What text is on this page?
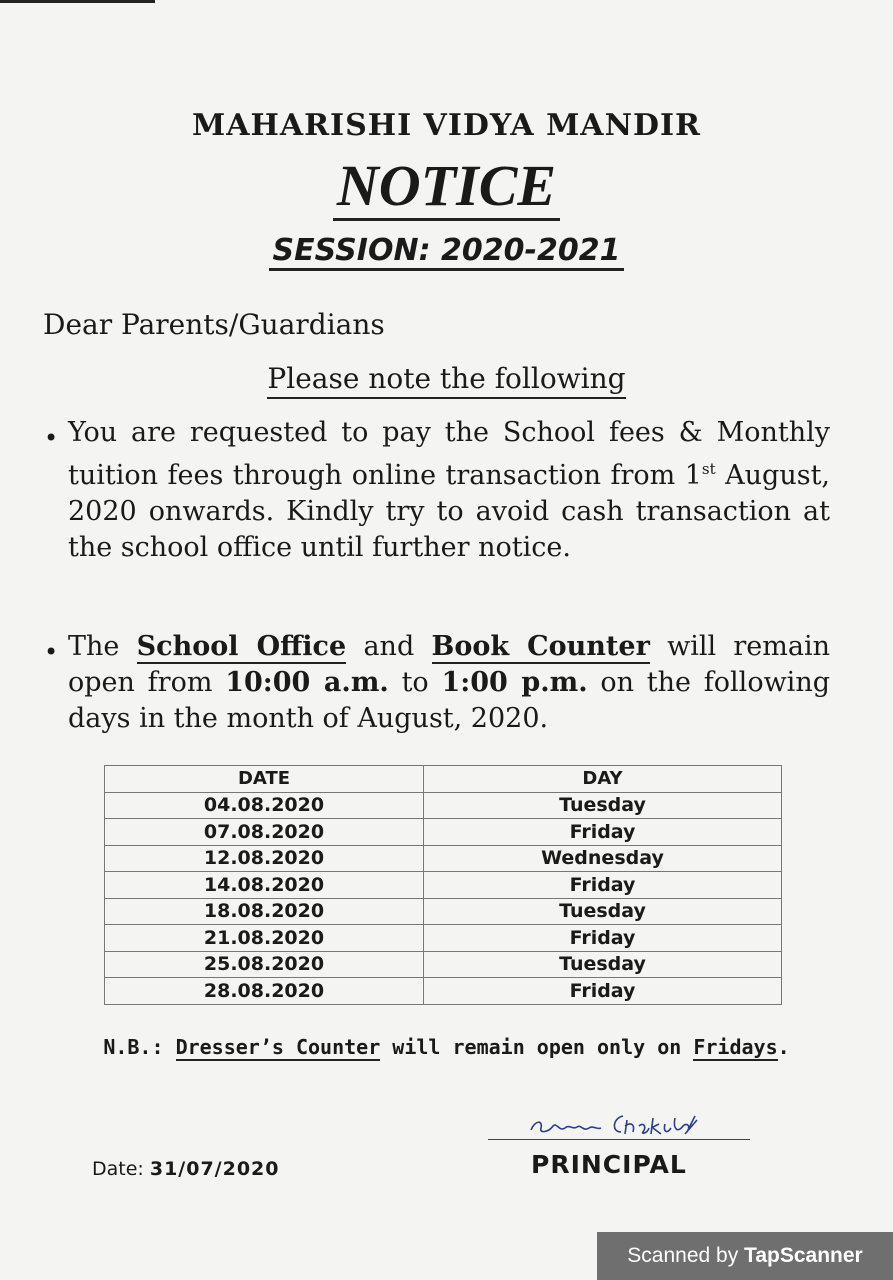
MAHARISHI VIDYA MANDIR
NOTICE
SESSION: 2020-2021
Dear Parents/Guardians
Please note the following
• You are requested to pay the School fees & Monthly tuition fees through online transaction from 1st August, 2020 onwards. Kindly try to avoid cash transaction at the school office until further notice.
• The School Office and Book Counter will remain open from 10:00 a.m. to 1:00 p.m. on the following days in the month of August, 2020.
DATE	DAY
04.08.2020	Tuesday
07.08.2020	Friday
12.08.2020	Wednesday
14.08.2020	Friday
18.08.2020	Tuesday
21.08.2020	Friday
25.08.2020	Tuesday
28.08.2020	Friday
N.B.: Dresser’s Counter will remain open only on Fridays.
PRINCIPAL
Date: 31/07/2020
Scanned by TapScanner
